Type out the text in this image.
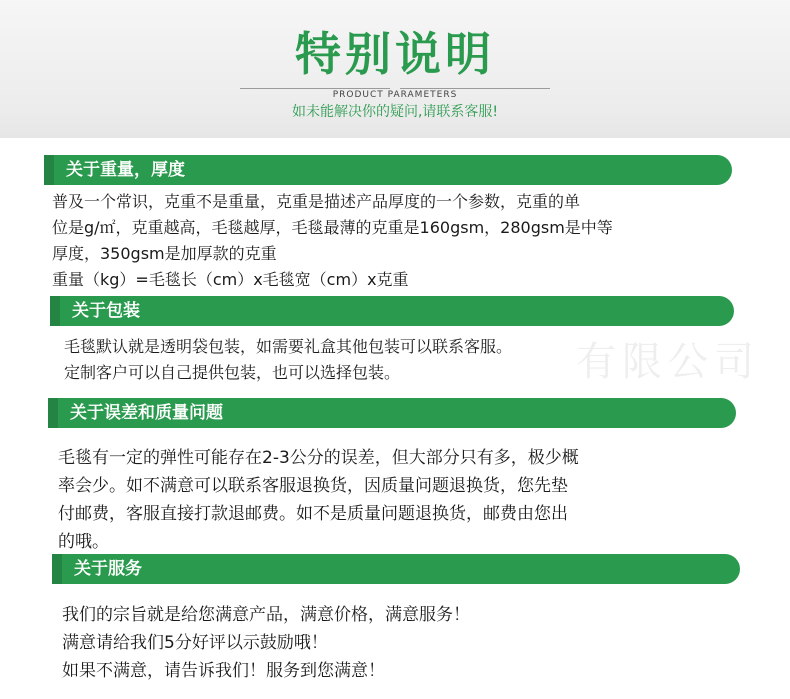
特别说明
PRODUCT PARAMETERS
如未能解决你的疑问,请联系客服!
有限公司
关于重量，厚度
普及一个常识，克重不是重量，克重是描述产品厚度的一个参数，克重的单
位是g/㎡，克重越高，毛毯越厚，毛毯最薄的克重是160gsm，280gsm是中等
厚度，350gsm是加厚款的克重
重量（kg）=毛毯长（cm）x毛毯宽（cm）x克重
关于包装
毛毯默认就是透明袋包装，如需要礼盒其他包装可以联系客服。
定制客户可以自己提供包装，也可以选择包装。
关于误差和质量问题
毛毯有一定的弹性可能存在2-3公分的误差，但大部分只有多，极少概
率会少。如不满意可以联系客服退换货，因质量问题退换货，您先垫
付邮费，客服直接打款退邮费。如不是质量问题退换货，邮费由您出
的哦。
关于服务
我们的宗旨就是给您满意产品，满意价格，满意服务！
满意请给我们5分好评以示鼓励哦！
如果不满意，请告诉我们！服务到您满意！
